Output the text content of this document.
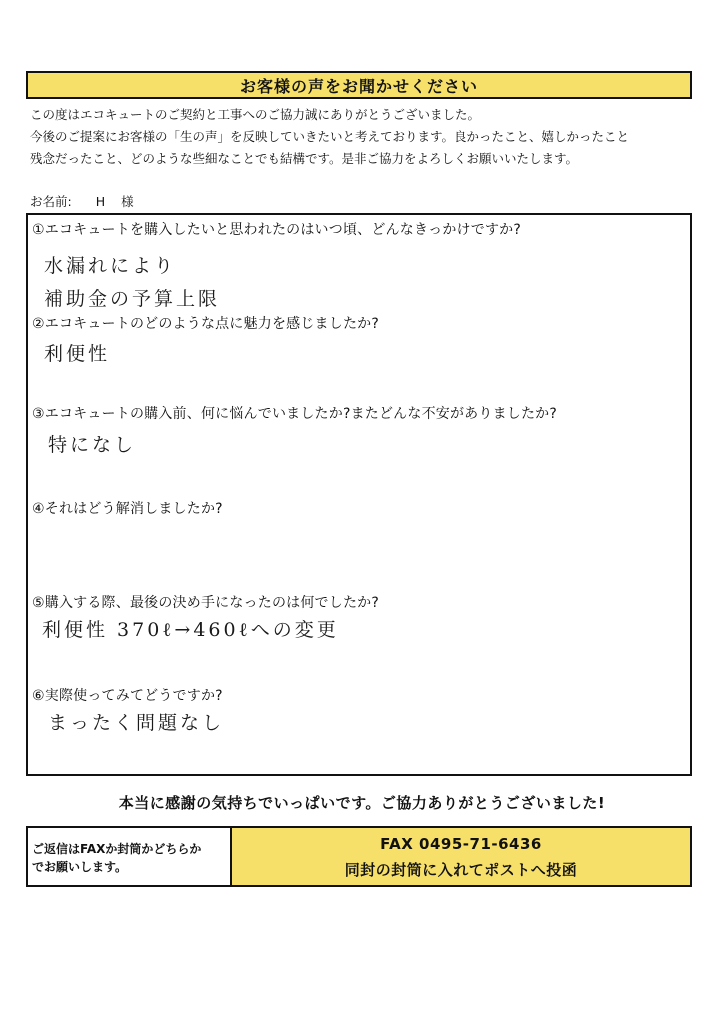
お客様の声をお聞かせください
この度はエコキュートのご契約と工事へのご協力誠にありがとうございました。
今後のご提案にお客様の「生の声」を反映していきたいと考えております。良かったこと、嬉しかったこと
残念だったこと、どのような些細なことでも結構です。是非ご協力をよろしくお願いいたします。
お名前: H 様
①エコキュートを購入したいと思われたのはいつ頃、どんなきっかけですか?
水漏れにより
補助金の予算上限
②エコキュートのどのような点に魅力を感じましたか?
利便性
③エコキュートの購入前、何に悩んでいましたか?またどんな不安がありましたか?
特になし
④それはどう解消しましたか?
⑤購入する際、最後の決め手になったのは何でしたか?
利便性 370ℓ→460ℓへの変更
⑥実際使ってみてどうですか?
まったく問題なし
本当に感謝の気持ちでいっぱいです。ご協力ありがとうございました!
ご返信はFAXか封筒かどちらか
でお願いします。
FAX 0495-71-6436
同封の封筒に入れてポストへ投函
